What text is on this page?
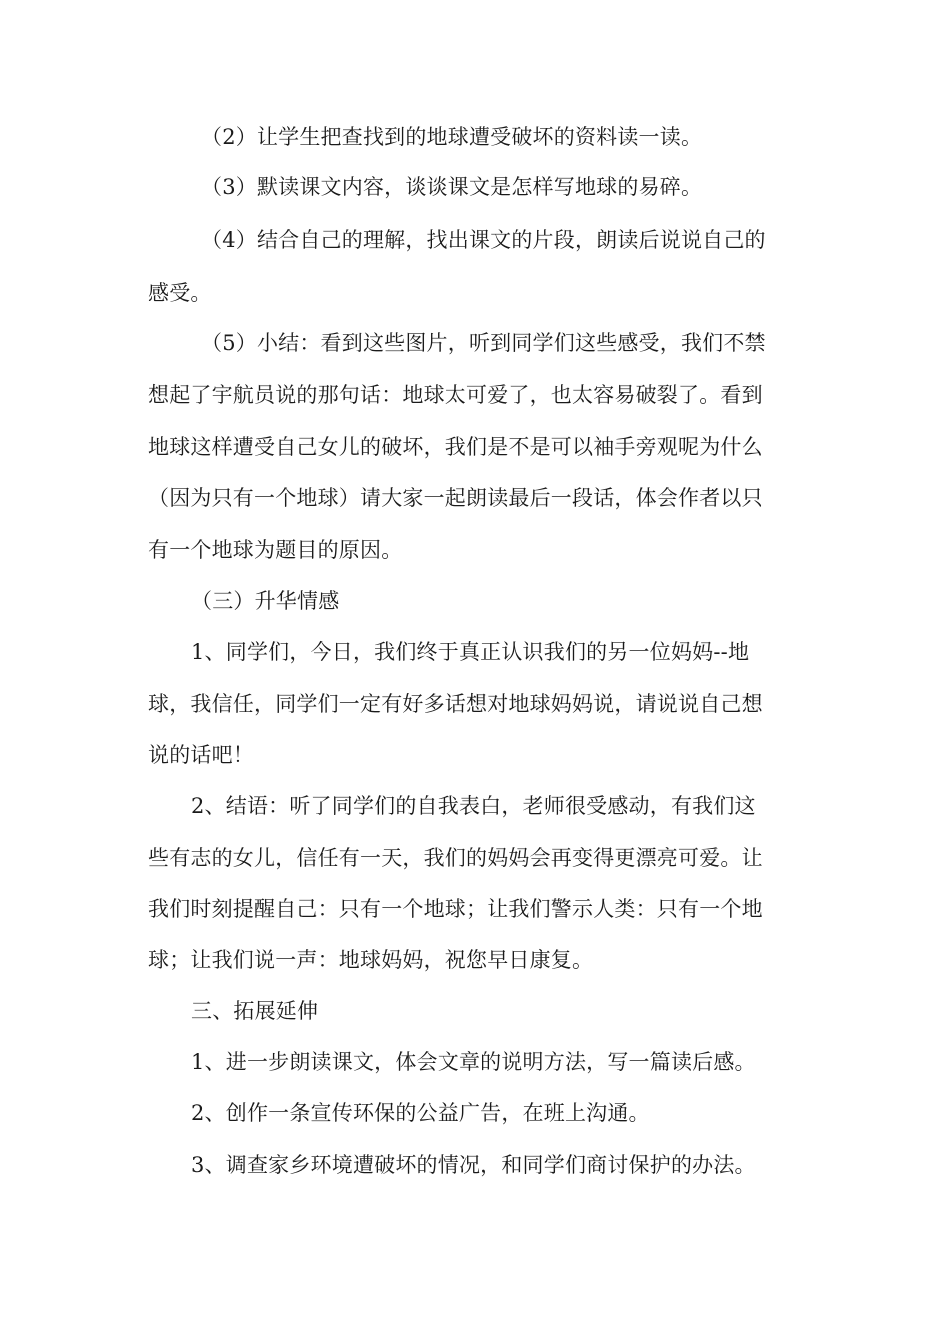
（2）让学生把查找到的地球遭受破坏的资料读一读。
（3）默读课文内容，谈谈课文是怎样写地球的易碎。
（4）结合自己的理解，找出课文的片段，朗读后说说自己的
感受。
（5）小结：看到这些图片，听到同学们这些感受，我们不禁
想起了宇航员说的那句话：地球太可爱了，也太容易破裂了。看到
地球这样遭受自己女儿的破坏，我们是不是可以袖手旁观呢为什么
（因为只有一个地球）请大家一起朗读最后一段话，体会作者以只
有一个地球为题目的原因。
（三）升华情感
1、同学们，今日，我们终于真正认识我们的另一位妈妈--地
球，我信任，同学们一定有好多话想对地球妈妈说，请说说自己想
说的话吧！
2、结语：听了同学们的自我表白，老师很受感动，有我们这
些有志的女儿，信任有一天，我们的妈妈会再变得更漂亮可爱。让
我们时刻提醒自己：只有一个地球；让我们警示人类：只有一个地
球；让我们说一声：地球妈妈，祝您早日康复。
三、拓展延伸
1、进一步朗读课文，体会文章的说明方法，写一篇读后感。
2、创作一条宣传环保的公益广告，在班上沟通。
3、调查家乡环境遭破坏的情况，和同学们商讨保护的办法。
